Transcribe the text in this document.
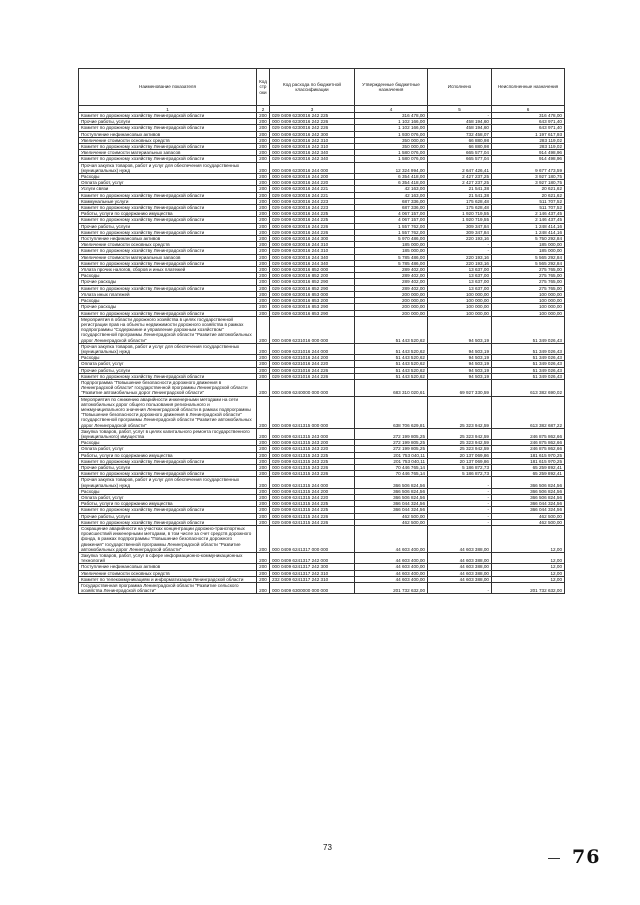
Наименование показателя	Код строки	Код расхода по бюджетной классификации	Утвержденные бюджетные назначения	Исполнено	Неисполненные назначения
1	2	3	4	5	6
Комитет по дорожному хозяйству Ленинградской области	200	029 0409 6230016 242 225	316 478,00	-	316 478,00
Прочие работы, услуги	200	000 0409 6230016 242 226	1 102 166,00	458 194,60	643 971,40
Комитет по дорожному хозяйству Ленинградской области	200	029 0409 6230016 242 226	1 102 166,00	458 194,60	643 971,40
Поступление нефинансовых активов	200	000 0409 6230016 242 300	1 930 076,00	732 458,07	1 197 617,93
Увеличение стоимости основных средств	200	000 0409 6230016 242 310	350 000,00	66 880,98	283 119,02
Комитет по дорожному хозяйству Ленинградской области	200	029 0409 6230016 242 310	350 000,00	66 880,98	283 119,02
Увеличение стоимости материальных запасов	200	000 0409 6230016 242 340	1 580 076,00	665 577,04	914 498,96
Комитет по дорожному хозяйству Ленинградской области	200	029 0409 6230016 242 340	1 580 076,00	665 577,04	914 498,96
Прочая закупка товаров, работ и услуг для обеспечения государственных (муниципальных) нужд	200	000 0409 6230016 244 000	12 324 994,00	2 647 426,41	9 677 473,59
Расходы	200	000 0409 6230016 244 200	6 354 418,00	2 427 237,25	3 927 180,75
Оплата работ, услуг	200	000 0409 6230016 244 220	6 354 418,00	2 427 237,25	3 927 180,75
Услуги связи	200	000 0409 6230016 244 221	42 163,00	21 541,38	20 621,62
Комитет по дорожному хозяйству Ленинградской области	200	029 0409 6230016 244 221	42 163,00	21 541,38	20 621,62
Коммунальные услуги	200	000 0409 6230016 244 223	687 336,00	175 628,48	511 707,52
Комитет по дорожному хозяйству Ленинградской области	200	029 0409 6230016 244 223	687 336,00	175 628,48	511 707,52
Работы, услуги по содержанию имущества	200	000 0409 6230016 244 225	4 067 157,00	1 920 719,55	2 146 437,45
Комитет по дорожному хозяйству Ленинградской области	200	029 0409 6230016 244 225	4 067 157,00	1 920 719,55	2 146 437,45
Прочие работы, услуги	200	000 0409 6230016 244 226	1 557 762,00	309 347,84	1 248 414,16
Комитет по дорожному хозяйству Ленинградской области	200	029 0409 6230016 244 226	1 557 762,00	309 347,84	1 248 414,16
Поступление нефинансовых активов	200	000 0409 6230016 244 300	5 970 486,00	220 193,16	5 750 292,84
Увеличение стоимости основных средств	200	000 0409 6230016 244 310	185 000,00	-	185 000,00
Комитет по дорожному хозяйству Ленинградской области	200	029 0409 6230016 244 310	185 000,00	-	185 000,00
Увеличение стоимости материальных запасов	200	000 0409 6230016 244 340	5 785 486,00	220 193,16	5 565 292,84
Комитет по дорожному хозяйству Ленинградской области	200	029 0409 6230016 244 340	5 785 486,00	220 193,16	5 565 292,84
Уплата прочих налогов, сборов и иных платежей	200	000 0409 6230016 852 000	289 402,00	13 637,00	275 765,00
Расходы	200	000 0409 6230016 852 200	289 402,00	13 637,00	275 765,00
Прочие расходы	200	000 0409 6230016 852 290	289 402,00	13 637,00	275 765,00
Комитет по дорожному хозяйству Ленинградской области	200	029 0409 6230016 852 290	289 402,00	13 637,00	275 765,00
Уплата иных платежей	200	000 0409 6230016 853 000	200 000,00	100 000,00	100 000,00
Расходы	200	000 0409 6230016 853 200	200 000,00	100 000,00	100 000,00
Прочие расходы	200	000 0409 6230016 853 290	200 000,00	100 000,00	100 000,00
Комитет по дорожному хозяйству Ленинградской области	200	029 0409 6230016 853 290	200 000,00	100 000,00	100 000,00
Мероприятия в области дорожного хозяйства в целях государственной регистрации прав на объекты недвижимости дорожного хозяйства в рамках подпрограммы "Содержание и управление дорожным хозяйством" государственной программы Ленинградской области "Развитие автомобильных дорог Ленинградской области"	200	000 0409 6231016 000 000	51 443 520,62	94 503,19	51 349 026,43
Прочая закупка товаров, работ и услуг для обеспечения государственных (муниципальных) нужд	200	000 0409 6231016 244 000	51 443 520,62	94 503,19	51 349 026,43
Расходы	200	000 0409 6231016 244 200	51 443 520,62	94 503,19	51 349 026,43
Оплата работ, услуг	200	000 0409 6231016 244 220	51 443 520,62	94 503,19	51 349 026,43
Прочие работы, услуги	200	000 0409 6231016 244 226	51 443 520,62	94 503,19	51 349 026,43
Комитет по дорожному хозяйству Ленинградской области	200	029 0409 6231016 244 226	51 443 520,62	94 503,19	51 349 026,43
Подпрограмма "Повышение безопасности дорожного движения в Ленинградской области" государственной программы Ленинградской области "Развитие автомобильных дорог Ленинградской области"	200	000 0409 6240000 000 000	683 310 020,61	69 927 330,59	613 382 690,02
Мероприятия по снижению аварийности инженерными методами на сети автомобильных дорог общего пользования регионального и межмуниципального значения Ленинградской области в рамках подпрограммы "Повышение безопасности дорожного движения в Ленинградской области" государственной программы Ленинградской области "Развитие автомобильных дорог Ленинградской области"	200	000 0409 6241315 000 000	638 706 629,81	25 323 942,59	613 382 687,22
Закупка товаров, работ, услуг в целях капитального ремонта государственного (муниципального) имущества	200	000 0409 6241315 243 000	272 199 805,25	25 323 942,59	246 875 862,66
Расходы	200	000 0409 6241315 243 200	272 199 805,25	25 323 942,59	246 875 862,66
Оплата работ, услуг	200	000 0409 6241315 243 220	272 199 805,25	25 323 942,59	246 875 862,66
Работы, услуги по содержанию имущества	200	000 0409 6241315 243 225	201 753 040,11	20 137 069,86	181 615 970,25
Комитет по дорожному хозяйству Ленинградской области	200	029 0409 6241315 243 225	201 753 040,11	20 137 069,86	181 615 970,25
Прочие работы, услуги	200	000 0409 6241315 243 226	70 446 765,14	5 186 872,73	65 259 892,41
Комитет по дорожному хозяйству Ленинградской области	200	029 0409 6241315 243 226	70 446 765,14	5 186 872,73	65 259 892,41
Прочая закупка товаров, работ и услуг для обеспечения государственных (муниципальных) нужд	200	000 0409 6241315 244 000	366 506 824,56	-	366 506 824,56
Расходы	200	000 0409 6241315 244 200	366 506 824,56	-	366 506 824,56
Оплата работ, услуг	200	000 0409 6241315 244 220	366 506 824,56	-	366 506 824,56
Работы, услуги по содержанию имущества	200	000 0409 6241315 244 225	366 044 324,56	-	366 044 324,56
Комитет по дорожному хозяйству Ленинградской области	200	029 0409 6241315 244 225	366 044 324,56	-	366 044 324,56
Прочие работы, услуги	200	000 0409 6241315 244 226	462 500,00	-	462 500,00
Комитет по дорожному хозяйству Ленинградской области	200	029 0409 6241315 244 226	462 500,00	-	462 500,00
Сокращение аварийности на участках концентрации дорожно-транспортных происшествий инженерными методами, в том числе за счет средств дорожного фонда, в рамках подпрограммы "Повышение безопасности дорожного движения" государственной программы Ленинградской области "Развитие автомобильных дорог Ленинградской области"	200	000 0409 6241317 000 000	44 603 400,00	44 603 388,00	12,00
Закупка товаров, работ, услуг в сфере информационно-коммуникационных технологий	200	000 0409 6241317 242 000	44 603 400,00	44 603 388,00	12,00
Поступление нефинансовых активов	200	000 0409 6241317 242 300	44 603 400,00	44 603 388,00	12,00
Увеличение стоимости основных средств	200	000 0409 6241317 242 310	44 603 400,00	44 603 388,00	12,00
Комитет по телекоммуникациям и информатизации Ленинградской области	200	232 0409 6241317 242 310	44 603 400,00	44 603 388,00	12,00
Государственная программа Ленинградской области "Развитие сельского хозяйства Ленинградской области"	200	000 0409 6300000 000 000	201 732 632,00	-	201 732 632,00
73	76
